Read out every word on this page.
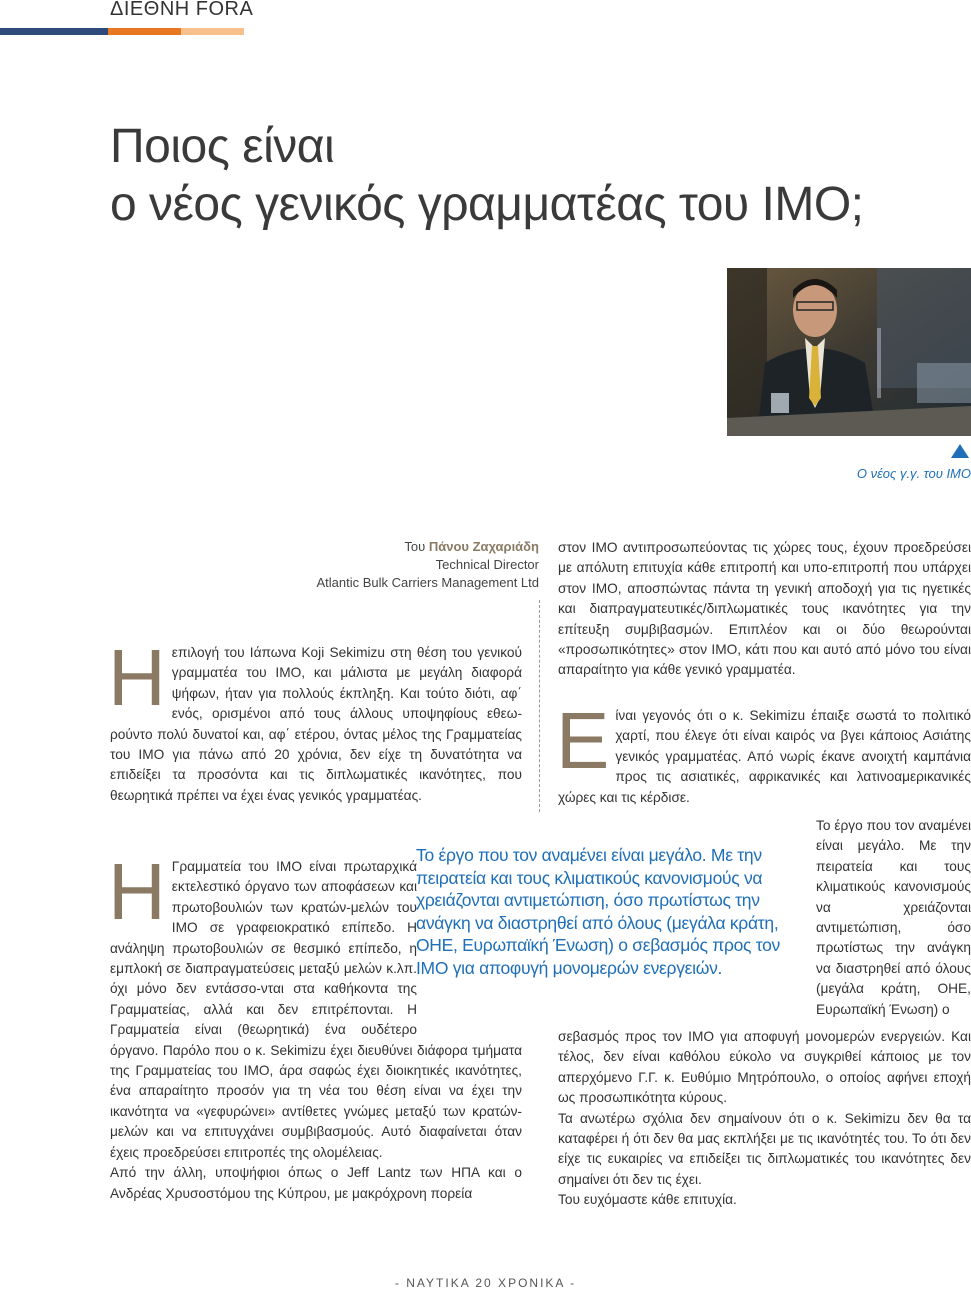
ΔΙΕΘΝΗ FORA
Ποιος είναι
ο νέος γενικός γραμματέας του IMO;
Ο νέος γ.γ. του ΙΜΟ
Του Πάνου Ζαχαριάδη
Technical Director
Atlantic Bulk Carriers Management Ltd

Ηεπιλογή του Ιάπωνα Koji Sekimizu στη θέση του γενικού γραμματέα του ΙΜΟ, και μάλιστα με μεγάλη διαφορά ψήφων, ήταν για πολλούς έκπληξη. Και τούτο διότι, αφ΄ ενός, ορισμένοι από τους άλλους υποψηφίους εθεω- ρούντο πολύ δυνατοί και, αφ΄ ετέρου, όντας μέλος της Γραμματείας του ΙΜΟ για πάνω από 20 χρόνια, δεν είχε τη δυνατότητα να επιδείξει τα προσόντα και τις διπλωματικές ικανότητες, που θεωρητικά πρέπει να έχει ένας γενικός γραμματέας.

Η Γραμματεία του ΙΜΟ είναι πρωταρχικά εκτελεστικό όργανο των αποφάσεων και πρωτοβουλιών των κρατών-μελών του ΙΜΟ σε γραφειοκρατικό επίπεδο. Η ανάληψη πρωτοβουλιών σε θεσμικό επίπεδο, η εμπλοκή σε διαπραγματεύσεις μεταξύ μελών κ.λπ. όχι μόνο δεν εντάσσο-νται στα καθήκοντα της Γραμματείας, αλλά και δεν επιτρέπονται. Η Γραμματεία είναι (θεωρητικά) ένα ουδέτερο όργανο. Παρόλο που ο κ. Sekimizu έχει διευθύνει διάφορα τμήματα της Γραμματείας του ΙΜΟ, άρα σαφώς έχει διοικητικές ικανότητες, ένα απαραίτητο προσόν για τη νέα του θέση είναι να έχει την ικανότητα να «γεφυρώνει» αντίθετες γνώμες μεταξύ των κρατών-μελών και να επιτυγχάνει συμβιβασμούς. Αυτό διαφαίνεται όταν έχεις προεδρεύσει επιτροπές της ολομέλειας.

Από την άλλη, υποψήφιοι όπως ο Jeff Lantz των ΗΠΑ και ο Ανδρέας Χρυσοστόμου της Κύπρου, με μακρόχρονη πορεία

στον ΙΜΟ αντιπροσωπεύοντας τις χώρες τους, έχουν προεδρεύσει με απόλυτη επιτυχία κάθε επιτροπή και υπο-επιτροπή που υπάρχει στον ΙΜΟ, αποσπώντας πάντα τη γενική αποδοχή για τις ηγετικές και διαπραγματευτικές/διπλωματικές τους ικανότητες για την επίτευξη συμβιβασμών. Επιπλέον και οι δύο θεωρούνται «προσωπικότητες» στον ΙΜΟ, κάτι που και αυτό από μόνο του είναι απαραίτητο για κάθε γενικό γραμματέα.

Είναι γεγονός ότι ο κ. Sekimizu έπαιξε σωστά το πολιτικό χαρτί, που έλεγε ότι είναι καιρός να βγει κάποιος Ασιάτης γενικός γραμματέας. Από νωρίς έκανε ανοιχτή καμπάνια προς τις ασιατικές, αφρικανικές και λατινοαμερικανικές χώρες και τις κέρδισε.

Το έργο που τον αναμένει είναι μεγάλο. Με την πειρατεία και τους κλιματικούς κανονισμούς να χρειάζονται αντιμετώπιση, όσο πρωτίστως την ανάγκη να διαστρηθεί από όλους (μεγάλα κράτη, ΟΗΕ, Ευρωπαϊκή Ένωση) ο

σεβασμός προς τον ΙΜΟ για αποφυγή μονομερών ενεργειών. Και τέλος, δεν είναι καθόλου εύκολο να συγκριθεί κάποιος με τον απερχόμενο Γ.Γ. κ. Ευθύμιο Μητρόπουλο, ο οποίος αφήνει εποχή ως προσωπικότητα κύρους.

Τα ανωτέρω σχόλια δεν σημαίνουν ότι ο κ. Sekimizu δεν θα τα καταφέρει ή ότι δεν θα μας εκπλήξει με τις ικανότητές του. Το ότι δεν είχε τις ευκαιρίες να επιδείξει τις διπλωματικές του ικανότητες δεν σημαίνει ότι δεν τις έχει.

Του ευχόμαστε κάθε επιτυχία.

Το έργο που τον αναμένει είναι μεγάλο. Με την πειρατεία και τους κλιματικούς κανονισμούς να χρειάζονται αντιμετώπιση, όσο πρωτίστως την ανάγκη να διαστρηθεί από όλους (μεγάλα κράτη, ΟΗΕ, Ευρωπαϊκή Ένωση) ο σεβασμός προς τον ΙΜΟ για αποφυγή μονομερών ενεργειών.
- ΝΑΥΤΙΚΑ 20 ΧΡΟΝΙΚΑ -
